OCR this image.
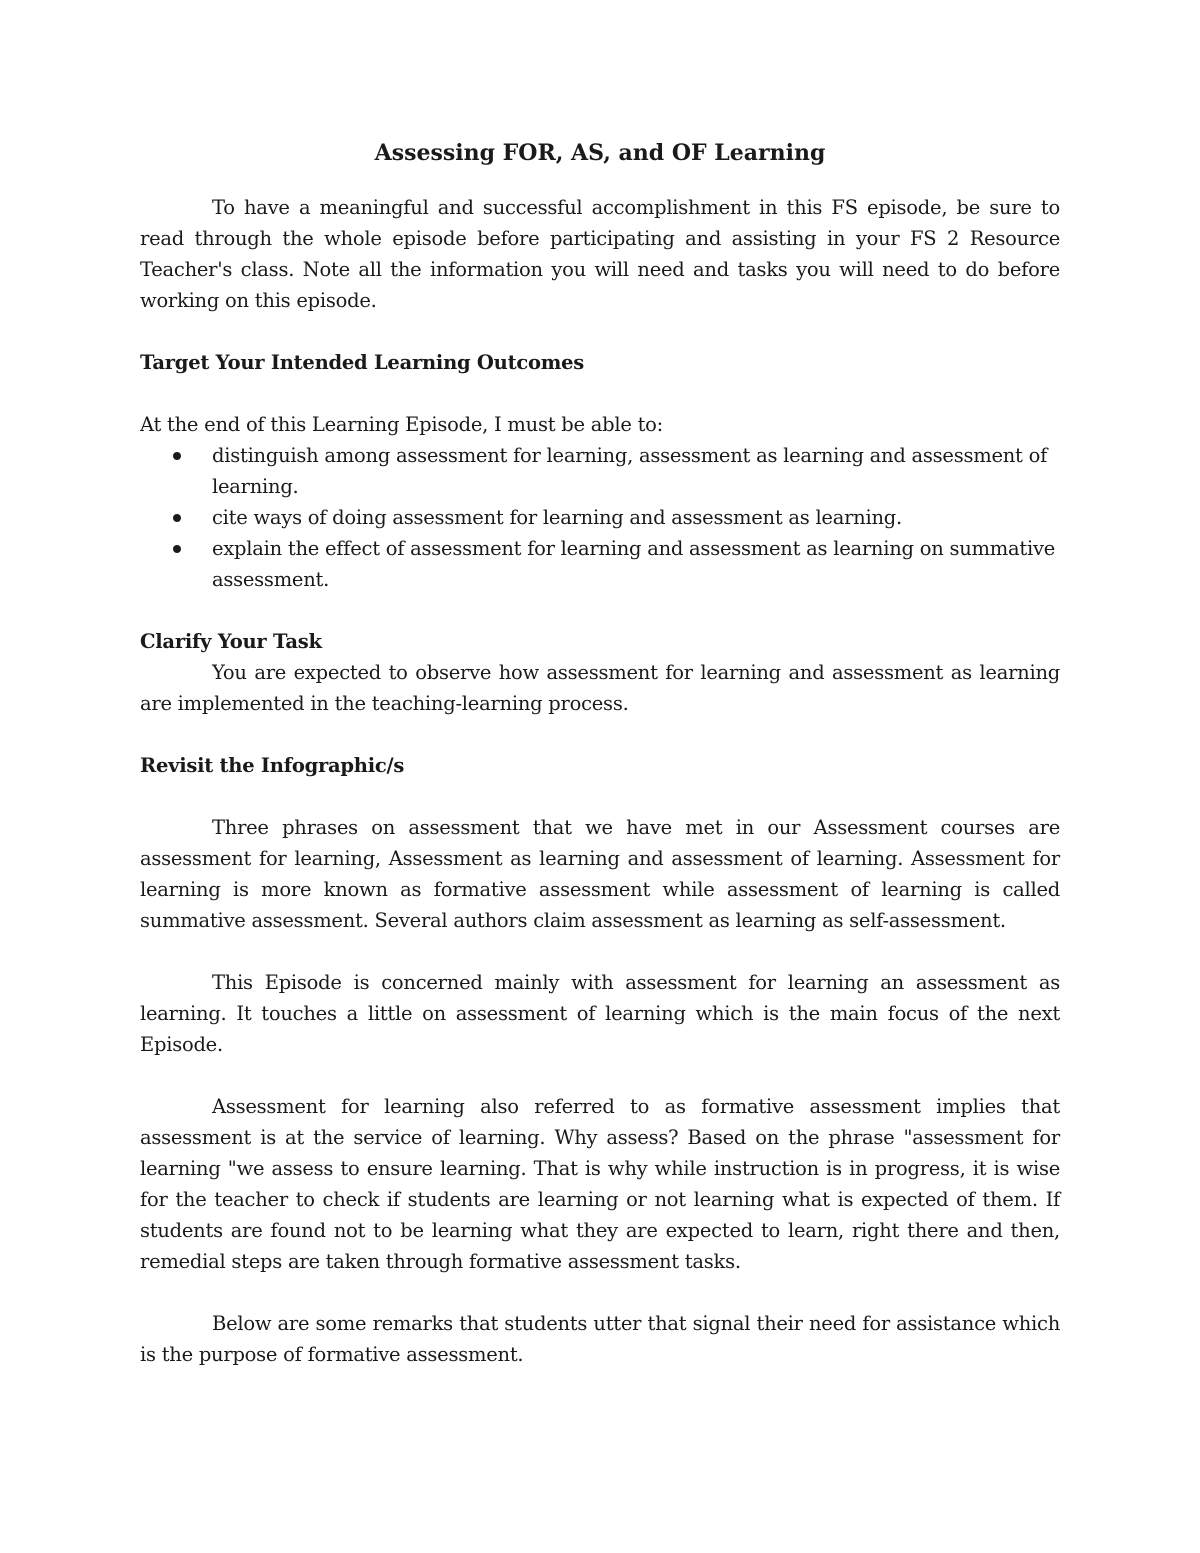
Assessing FOR, AS, and OF Learning

To have a meaningful and successful accomplishment in this FS episode, be sure to read through the whole episode before participating and assisting in your FS 2 Resource Teacher's class. Note all the information you will need and tasks you will need to do before working on this episode.

Target Your Intended Learning Outcomes

At the end of this Learning Episode, I must be able to:

distinguish among assessment for learning, assessment as learning and assessment of learning.
cite ways of doing assessment for learning and assessment as learning.
explain the effect of assessment for learning and assessment as learning on summative assessment.

Clarify Your Task

You are expected to observe how assessment for learning and assessment as learning are implemented in the teaching-learning process.

Revisit the Infographic/s

Three phrases on assessment that we have met in our Assessment courses are assessment for learning, Assessment as learning and assessment of learning. Assessment for learning is more known as formative assessment while assessment of learning is called summative assessment. Several authors claim assessment as learning as self-assessment.

This Episode is concerned mainly with assessment for learning an assessment as learning. It touches a little on assessment of learning which is the main focus of the next Episode.

Assessment for learning also referred to as formative assessment implies that assessment is at the service of learning. Why assess? Based on the phrase "assessment for learning "we assess to ensure learning. That is why while instruction is in progress, it is wise for the teacher to check if students are learning or not learning what is expected of them. If students are found not to be learning what they are expected to learn, right there and then, remedial steps are taken through formative assessment tasks.

Below are some remarks that students utter that signal their need for assistance which is the purpose of formative assessment.
